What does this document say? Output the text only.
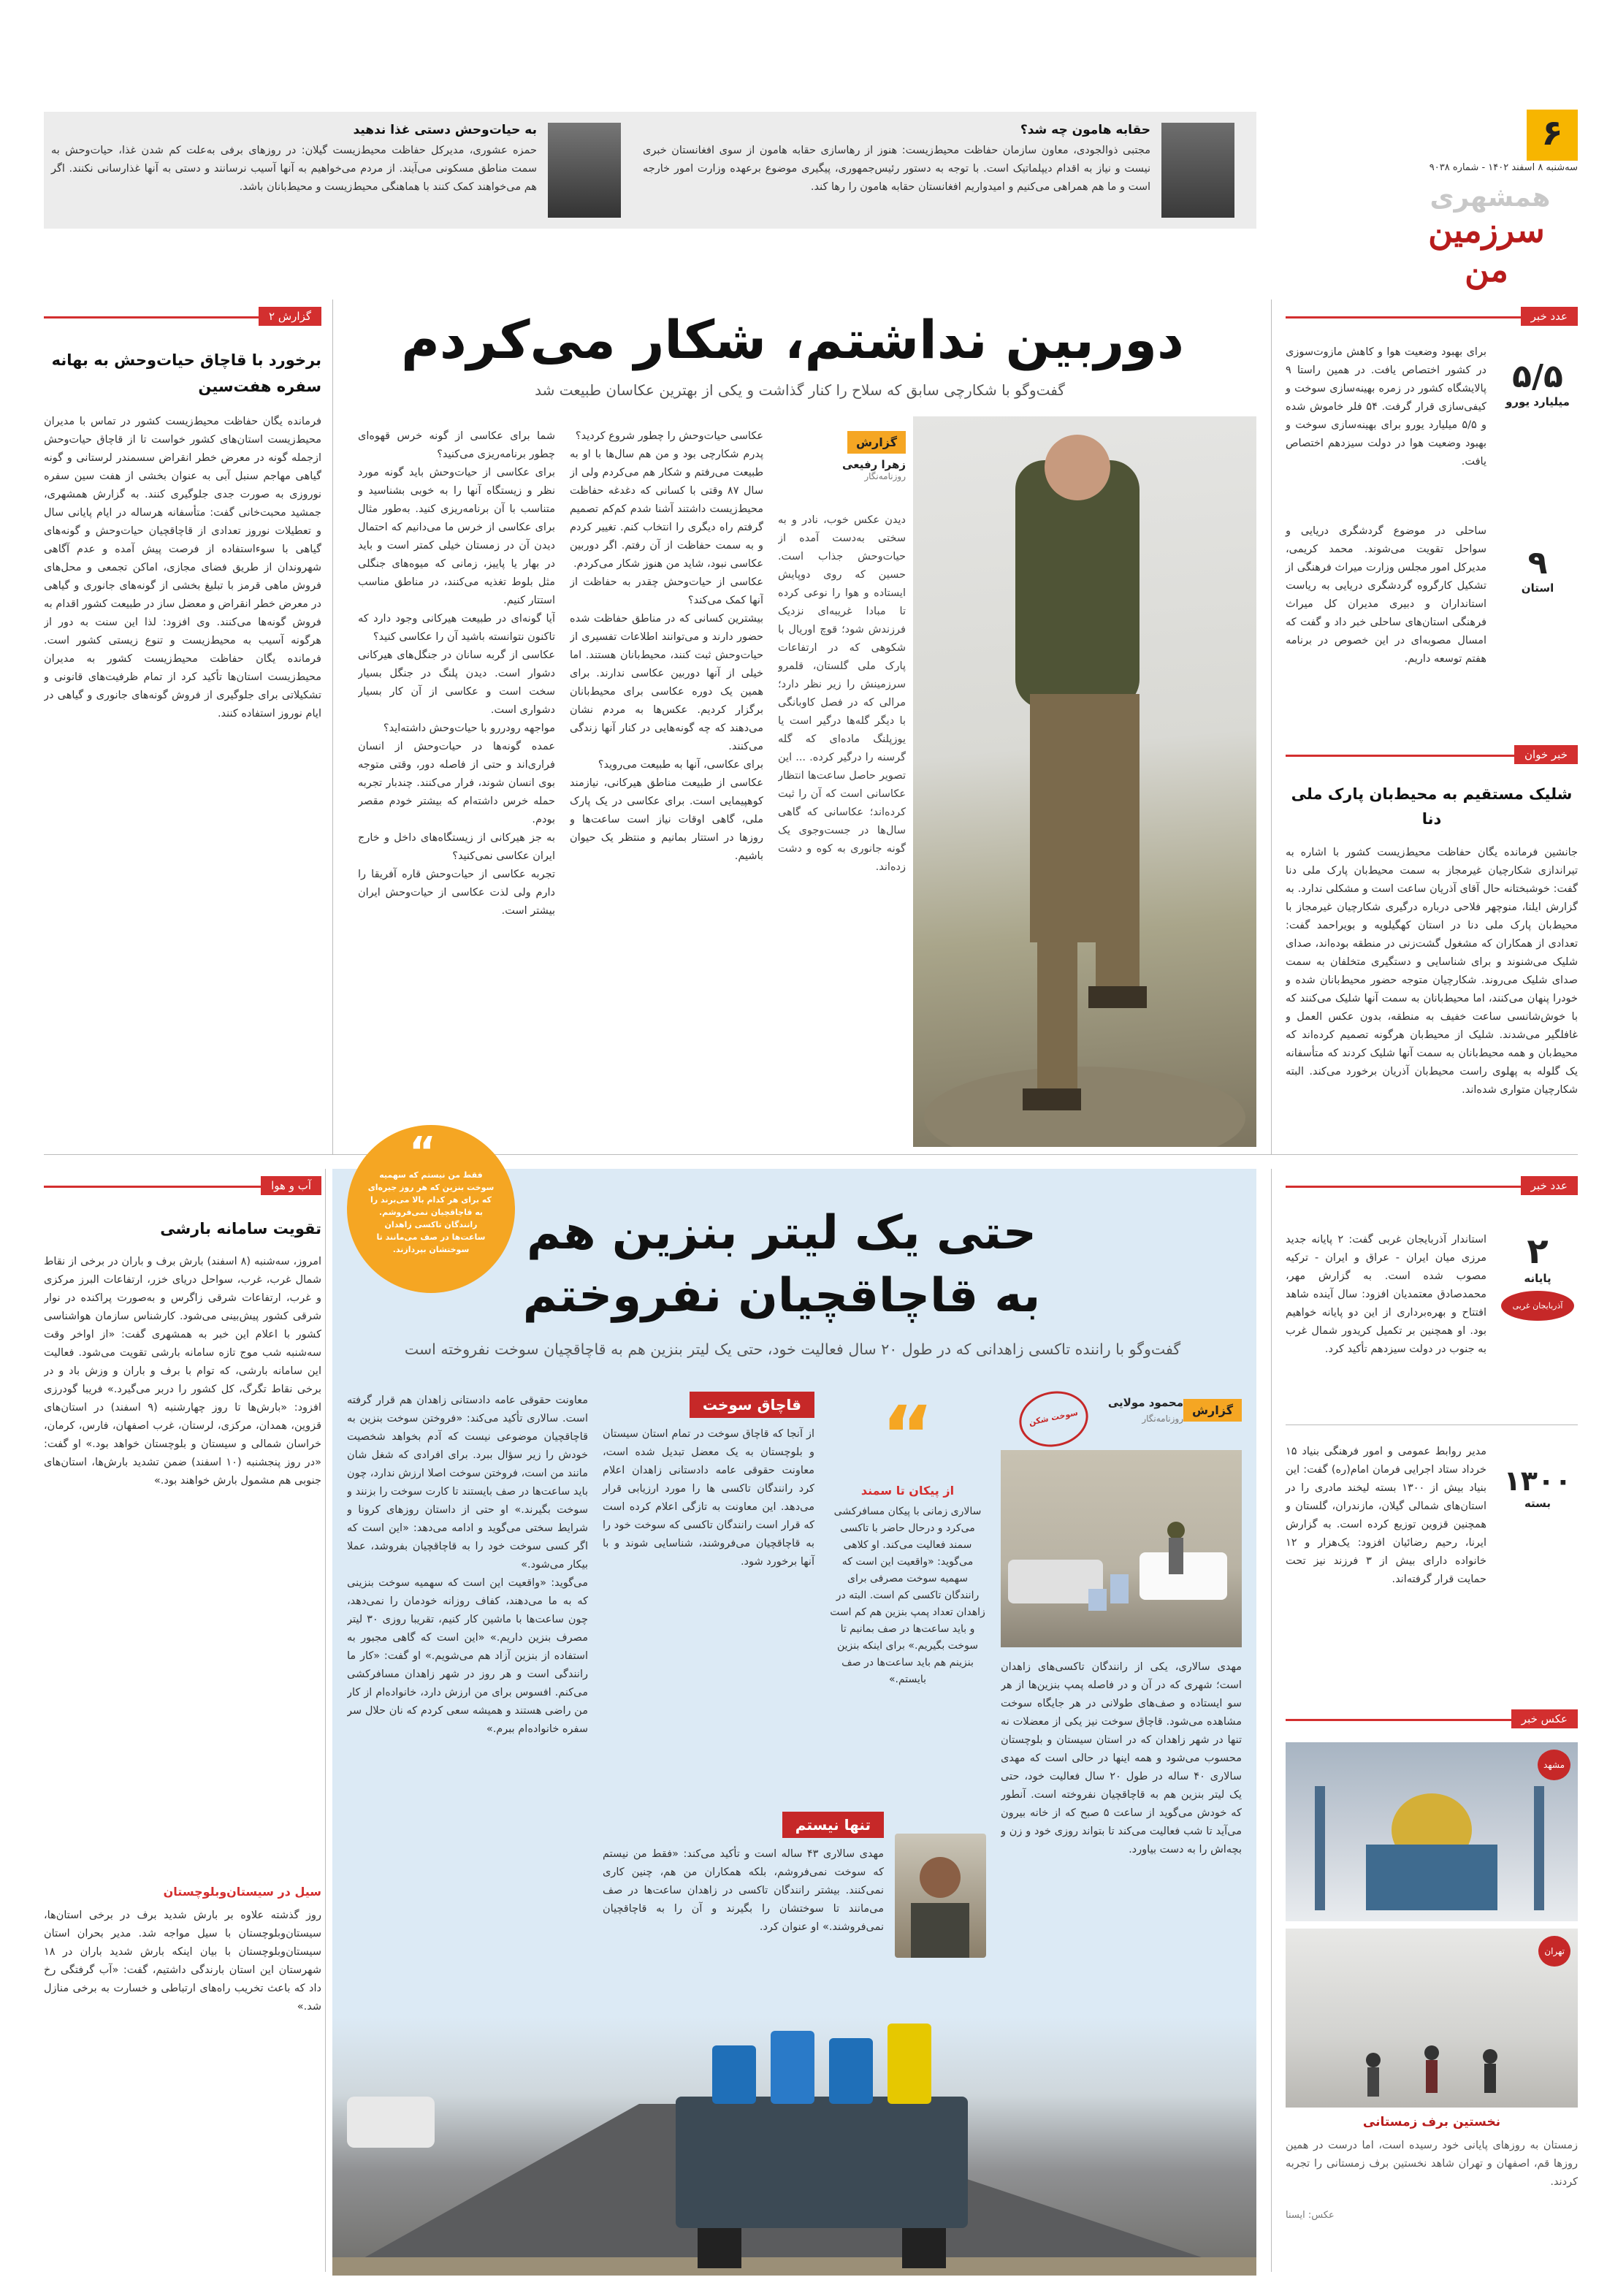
۶
سه‌شنبه ۸ اسفند ۱۴۰۲ - شماره ۹۰۳۸
همشهری
سرزمین من
حقابه هامون چه شد؟
مجتبی ذوالجودی، معاون سازمان حفاظت محیط‌زیست: هنوز از رهاسازی حقابه هامون از سوی افغانستان خبری نیست و نیاز به اقدام دیپلماتیک است. با توجه به دستور رئیس‌جمهوری، پیگیری موضوع برعهده وزارت امور خارجه است و ما هم همراهی می‌کنیم و امیدواریم افغانستان حقابه هامون را رها کند.
به حیات‌وحش دستی غذا ندهید
حمزه عشوری، مدیرکل حفاظت محیط‌زیست گیلان: در روزهای برفی به‌علت کم شدن غذا، حیات‌وحش به سمت مناطق مسکونی می‌آیند. از مردم می‌خواهیم به آنها آسیب نرسانند و دستی به آنها غذارسانی نکنند. اگر هم می‌خواهند کمک کنند با هماهنگی محیط‌زیست و محیط‌بانان باشد.
عدد خبر
۵/۵
میلیارد یورو
برای بهبود وضعیت هوا و کاهش مازوت‌سوزی در کشور اختصاص یافت. در همین راستا ۹ پالایشگاه کشور در زمره بهینه‌سازی سوخت و کیفی‌سازی قرار گرفت. ۵۴ فلر خاموش شده و ۵/۵ میلیارد یورو برای بهینه‌سازی سوخت و بهبود وضعیت هوا در دولت سیزدهم اختصاص یافت.
۹
استان
ساحلی در موضوع گردشگری دریایی و سواحل تقویت می‌شوند. محمد کریمی، مدیرکل امور مجلس وزارت میراث فرهنگی از تشکیل کارگروه گردشگری دریایی به ریاست استانداران و دبیری مدیران کل میراث فرهنگی استان‌های ساحلی خبر داد و گفت که امسال مصوبه‌ای در این خصوص در برنامه هفتم توسعه داریم.
خبر خوان
شلیک مستقیم به محیط‌بان پارک ملی دنا
جانشین فرمانده یگان حفاظت محیط‌زیست کشور با اشاره به تیراندازی شکارچیان غیرمجاز به سمت محیط‌بان پارک ملی دنا گفت: خوشبختانه حال آقای آذریان ساعت است و مشکلی ندارد. به گزارش ایلنا، منوچهر فلاحی درباره درگیری شکارچیان غیرمجاز با محیط‌بان پارک ملی دنا در استان کهگیلویه و بویراحمد گفت: تعدادی از همکاران که مشغول گشت‌زنی در منطقه بوده‌اند، صدای شلیک می‌شنوند و برای شناسایی و دستگیری متخلفان به سمت صدای شلیک می‌روند. شکارچیان متوجه حضور محیط‌بانان شده و خودرا پنهان می‌کنند، اما محیط‌بانان به سمت آنها شلیک می‌کنند که با خوش‌شانسی ساعت خفیف به منطقه، بدون عکس العمل و غافلگیر می‌شدند. شلیک از محیط‌بان هرگونه تصمیم کرده‌اند که محیط‌بان و همه محیط‌بانان به سمت آنها شلیک کردند که متأسفانه یک گلوله به پهلوی راست محیط‌بان آذریان برخورد می‌کند. البته شکارچیان متواری شده‌اند.
دوربین نداشتم، شکار می‌کردم
گفت‌وگو با شکارچی سابق که سلاح را کنار گذاشت و یکی از بهترین عکاسان طبیعت شد
گزارش
زهرا رفیعی
روزنامه‌نگار
دیدن عکس خوب، نادر و به سختی به‌دست آمده از حیات‌وحش جذاب است. حسین که روی دوپایش ایستاده و هوا را نوعی کرده تا مبادا غریبه‌ای نزدیک فرزندش شود؛ قوچ اوریال با شکوهی که در ارتفاعات پارک ملی گلستان، قلمرو سرزمینش را زیر نظر دارد؛ مرالی که در فصل کاوبانگی با دیگر گله‌ها درگیر است یا یوزپلنگ ماده‌ای که گله گرسنه را درگیر کرده. ... این تصویر حاصل ساعت‌ها انتظار عکاسانی است که آن را ثبت کرده‌اند؛ عکاسانی که گاهی سال‌ها در جست‌وجوی یک گونه جانوری به کوه و دشت زده‌اند.
عکاسی حیات‌وحش را چطور شروع کردید؟
پدرم شکارچی بود و من هم سال‌ها با او به طبیعت می‌رفتم و شکار هم می‌کردم ولی از سال ۸۷ وقتی با کسانی که دغدغه حفاظت محیط‌زیست داشتند آشنا شدم کم‌کم تصمیم گرفتم راه دیگری را انتخاب کنم. تغییر کردم و به سمت حفاظت از آن رفتم. اگر دوربین عکاسی نبود، شاید من هنوز شکار می‌کردم.
عکاسی از حیات‌وحش چقدر به حفاظت از آنها کمک می‌کند؟
بیشترین کسانی که در مناطق حفاظت شده حضور دارند و می‌توانند اطلاعات تفسیری از حیات‌وحش ثبت کنند، محیط‌بانان هستند. اما خیلی از آنها دوربین عکاسی ندارند. برای همین یک دوره عکاسی برای محیط‌بانان برگزار کردیم. عکس‌ها به مردم نشان می‌دهند که چه گونه‌هایی در کنار آنها زندگی می‌کنند.
برای عکاسی، آنها به طبیعت می‌روید؟
عکاسی از طبیعت مناطق هیرکانی، نیازمند کوهپیمایی است. برای عکاسی در یک پارک ملی، گاهی اوقات نیاز است ساعت‌ها و روزها در استتار بمانیم و منتظر یک حیوان باشیم.
شما برای عکاسی از گونه خرس قهوه‌ای چطور برنامه‌ریزی می‌کنید؟
برای عکاسی از حیات‌وحش باید گونه مورد نظر و زیستگاه آنها را به خوبی بشناسید و متناسب با آن برنامه‌ریزی کنید. به‌طور مثال برای عکاسی از خرس ما می‌دانیم که احتمال دیدن آن در زمستان خیلی کمتر است و باید در بهار یا پاییز، زمانی که میوه‌های جنگلی مثل بلوط تغذیه می‌کنند، در مناطق مناسب استتار کنیم.
آیا گونه‌ای در طبیعت هیرکانی وجود دارد که تاکنون نتوانسته باشید آن را عکاسی کنید؟
عکاسی از گربه سانان در جنگل‌های هیرکانی دشوار است. دیدن پلنگ در جنگل بسیار سخت است و عکاسی از آن کار بسیار دشواری است.
مواجهه رودررو با حیات‌وحش داشته‌اید؟
عمده گونه‌ها در حیات‌وحش از انسان فراری‌اند و حتی از فاصله دور، وقتی متوجه بوی انسان شوند، فرار می‌کنند. چندبار تجربه حمله خرس داشته‌ام که بیشتر خودم مقصر بودم.
به جز هیرکانی از زیستگاه‌های داخل و خارج ایران عکاسی نمی‌کنید؟
تجربه عکاسی از حیات‌وحش قاره آفریقا را دارم ولی لذت عکاسی از حیات‌وحش ایران بیشتر است.
گزارش ۲
برخورد با قاچاق حیات‌وحش به بهانه سفره هفت‌سین
فرمانده یگان حفاظت محیط‌زیست کشور در تماس با مدیران محیط‌زیست استان‌های کشور خواست تا از قاچاق حیات‌وحش ازجمله گونه در معرض خطر انقراض سسمندر لرستانی و گونه گیاهی مهاجم سنبل آبی به عنوان بخشی از هفت سین سفره نوروزی به صورت جدی جلوگیری کنند. به گزارش همشهری، جمشید محبت‌خانی گفت: متأسفانه هرساله در ایام پایانی سال و تعطیلات نوروز تعدادی از قاچاقچیان حیات‌وحش و گونه‌های گیاهی با سوءاستفاده از فرصت پیش آمده و عدم آگاهی شهروندان از طریق فضای مجازی، اماکن تجمعی و محل‌های فروش ماهی قرمز با تبلیغ بخشی از گونه‌های جانوری و گیاهی در معرض خطر انقراض و معضل ساز در طبیعت کشور اقدام به فروش گونه‌ها می‌کنند. وی افزود: لذا این سنت به دور از هرگونه آسیب به محیط‌زیست و تنوع زیستی کشور است. فرمانده یگان حفاظت محیط‌زیست کشور به مدیران محیط‌زیست استان‌ها تأکید کرد از تمام ظرفیت‌های قانونی و تشکیلاتی برای جلوگیری از فروش گونه‌های جانوری و گیاهی در ایام نوروز استفاده کنند.
عدد خبر
۲
پایانه
آذربایجان غربی
استاندار آذربایجان غربی گفت: ۲ پایانه جدید مرزی میان ایران - عراق و ایران - ترکیه مصوب شده است. به گزارش مهر، محمدصادق معتمدیان افزود: سال آینده شاهد افتتاح و بهره‌برداری از این دو پایانه خواهیم بود. او همچنین بر تکمیل کریدور شمال غرب به جنوب در دولت سیزدهم تأکید کرد.
۱۳۰۰
بسته
مدیر روابط عمومی و امور فرهنگی بنیاد ۱۵ خرداد ستاد اجرایی فرمان امام(ره) گفت: این بنیاد بیش از ۱۳۰۰ بسته لیخند مادری را در استان‌های شمالی گیلان، مازندران، گلستان و همچنین قزوین توزیع کرده است. به گزارش ایرنا، رحیم رضائیان افزود: یک‌هزار و ۱۲ خانواده دارای بیش از ۳ فرزند نیز تحت حمایت قرار گرفته‌اند.
عکس خبر
مشهد
تهران
نخستین برف زمستانی
زمستان به روزهای پایانی خود رسیده است، اما درست در همین روزها قم، اصفهان و تهران شاهد نخستین برف زمستانی را تجربه کردند.
عکس: ایسنا
حتی یک لیتر بنزین هم
به قاچاقچیان نفروختم
“
فقط من نیستم که سهمیه سوخت بنزین که هر روز جیره‌ای که برای هر کدام بالا می‌برند را به قاچاقچیان نمی‌فروشم. رانندگان تاکسی زاهدان ساعت‌ها در صف می‌مانند تا سوختشان بپردازند.
گفت‌وگو با راننده تاکسی زاهدانی که در طول ۲۰ سال فعالیت خود، حتی یک لیتر بنزین هم به قاچاقچیان سوخت نفروخته است
گزارش
محمود مولایی
روزنامه‌نگار
سوخت شکن
مهدی سالاری، یکی از رانندگان تاکسی‌های زاهدان است؛ شهری که در آن و در فاصله پمپ بنزین‌ها از هر سو ایستاده و صف‌های طولانی در هر جایگاه سوخت مشاهده می‌شود. قاچاق سوخت نیز یکی از معضلات نه تنها در شهر زاهدان که در استان سیستان و بلوچستان محسوب می‌شود و همه اینها در حالی است که مهدی سالاری ۴۰ ساله در طول ۲۰ سال فعالیت خود، حتی یک لیتر بنزین هم به قاچاقچیان نفروخته است. آنطور که خودش می‌گوید از ساعت ۵ صبح که از خانه بیرون می‌آید تا شب فعالیت می‌کند تا بتواند روزی خود و زن و بچه‌اش را به دست بیاورد.
“
از پیکان تا سمند
سالاری زمانی با پیکان مسافرکشی می‌کرد و درحال حاضر با تاکسی سمند فعالیت می‌کند. او کلاهی می‌گوید: «واقعیت این است که سهمیه سوخت مصرفی برای رانندگان تاکسی کم است. البته در زاهدان تعداد پمپ بنزین هم کم است و باید ساعت‌ها در صف بمانیم تا سوخت بگیریم.» برای اینکه بنزین بنزینم هم باید ساعت‌ها در صف بایستم.»
قاچاق سوخت
از آنجا که قاچاق سوخت در تمام استان سیستان و بلوچستان به یک معضل تبدیل شده است، معاونت حقوقی عامه دادستانی زاهدان اعلام کرد رانندگان تاکسی ها را مورد ارزیابی قرار می‌دهد. این معاونت به تازگی اعلام کرده است که قرار است رانندگان تاکسی که سوخت خود را به قاچاقچیان می‌فروشند، شناسایی شوند و با آنها برخورد شود.
تنها نیستم
مهدی سالاری ۴۳ ساله است و تأکید می‌کند: «فقط من نیستم که سوخت نمی‌فروشم، بلکه همکاران من هم، چنین کاری نمی‌کنند. بیشتر رانندگان تاکسی در زاهدان ساعت‌ها در صف می‌مانند تا سوختشان را بگیرند و آن را به قاچاقچیان نمی‌فروشند.» او عنوان کرد.
معاونت حقوقی عامه دادستانی زاهدان هم قرار گرفته است. سالاری تأکید می‌کند: «فروختن سوخت بنزین به قاچاقچیان موضوعی نیست که آدم بخواهد شخصیت خودش را زیر سؤال ببرد. برای افرادی که شغل شان مانند من است، فروختن سوخت اصلا ارزش ندارد، چون باید ساعت‌ها در صف بایستند تا کارت سوخت را بزنند و سوخت بگیرند.» او حتی از داستان روزهای کرونا و شرایط سختی می‌گوید و ادامه می‌دهد: «این است که اگر کسی سوخت خود را به قاچاقچیان بفروشد، عملا بیکار می‌شود.»
می‌گوید: «واقعیت این است که سهمیه سوخت بنزینی که به ما می‌دهند، کفاف روزانه خودمان را نمی‌دهد، چون ساعت‌ها با ماشین کار کنیم، تقریبا روزی ۳۰ لیتر مصرف بنزین داریم.» «این است که گاهی مجبور به استفاده از بنزین آزاد هم می‌شویم.» او گفت: «کار ما رانندگی است و هر روز در شهر زاهدان مسافرکشی می‌کنم. افسوس برای من ارزش دارد، خانواده‌ام از کار من راضی هستند و همیشه سعی کردم که نان حلال سر سفره خانواده‌ام ببرم.»
آب و هوا
تقویت سامانه بارشی
امروز، سه‌شنبه (۸ اسفند) بارش برف و باران در برخی از نقاط شمال غرب، غرب، سواحل دریای خزر، ارتفاعات البرز مرکزی و غرب، ارتفاعات شرقی زاگرس و به‌صورت پراکنده در نوار شرقی کشور پیش‌بینی می‌شود. کارشناس سازمان هواشناسی کشور با اعلام این خبر به همشهری گفت: «از اواخر وقت سه‌شنبه شب موج تازه سامانه بارشی تقویت می‌شود. فعالیت این سامانه بارشی، که توام با برف و باران و وزش باد و در برخی نقاط تگرگ، کل کشور را دربر می‌گیرد.» فریبا گودرزی افزود: «بارش‌ها تا روز چهارشنبه (۹ اسفند) در استان‌های قزوین، همدان، مرکزی، لرستان، غرب اصفهان، فارس، کرمان، خراسان شمالی و سیستان و بلوچستان خواهد بود.» او گفت: «در روز پنجشنبه (۱۰ اسفند) ضمن تشدید بارش‌ها، استان‌های جنوبی هم مشمول بارش خواهند بود.»
سیل در سیستان‌وبلوچستان
روز گذشته علاوه بر بارش شدید برف در برخی استان‌ها، سیستان‌وبلوچستان با سیل مواجه شد. مدیر بحران استان سیستان‌وبلوچستان با بیان اینکه بارش شدید باران در ۱۸ شهرستان این استان بارندگی داشتیم، گفت: «آب گرفتگی رخ داد که باعث تخریب راه‌های ارتباطی و خسارت به برخی منازل شد.»
